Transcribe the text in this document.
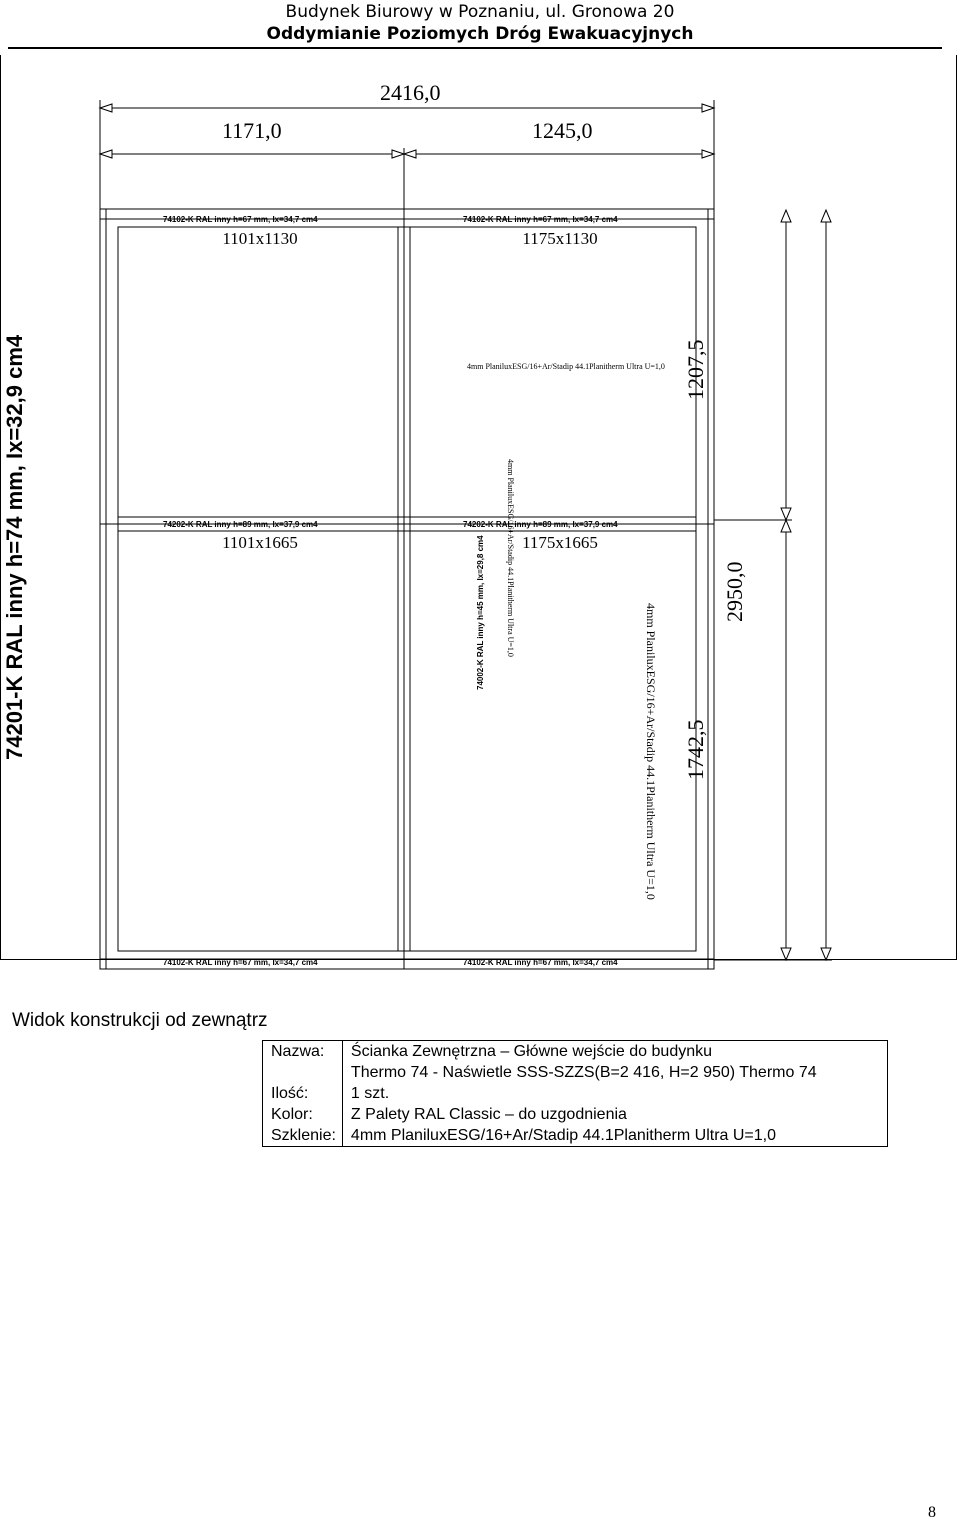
Budynek Biurowy w Poznaniu, ul. Gronowa 20
Oddymianie Poziomych Dróg Ewakuacyjnych
2416,0
1171,0	1245,0
1207,5
1742,5
2950,0
74102-K RAL inny h=67 mm, Ix=34,7 cm4	74102-K RAL inny h=67 mm, Ix=34,7 cm4
74202-K RAL inny h=89 mm, Ix=37,9 cm4	74202-K RAL inny h=89 mm, Ix=37,9 cm4
74102-K RAL inny h=67 mm, Ix=34,7 cm4	74102-K RAL inny h=67 mm, Ix=34,7 cm4
74002-K RAL inny h=45 mm, Ix=29,8 cm4
74201-K RAL inny h=74 mm, Ix=32,9 cm4
1101x1130	1175x1130
1101x1665	1175x1665
4mm PlaniluxESG/16+Ar/Stadip 44.1Planitherm Ultra U=1,0
4mm PlaniluxESG/16+Ar/Stadip 44.1Planitherm Ultra U=1,0
4mm PlaniluxESG/16+Ar/Stadip 44.1Planitherm Ultra U=1,0
Widok konstrukcji od zewnątrz
Nazwa:	Ścianka Zewnętrzna – Główne wejście do budynku
Thermo 74 - Naświetle SSS-SZZS(B=2 416, H=2 950) Thermo 74

Ilość:	1 szt.
Kolor:	Z Palety RAL Classic – do uzgodnienia
Szklenie:	4mm PlaniluxESG/16+Ar/Stadip 44.1Planitherm Ultra U=1,0
8
